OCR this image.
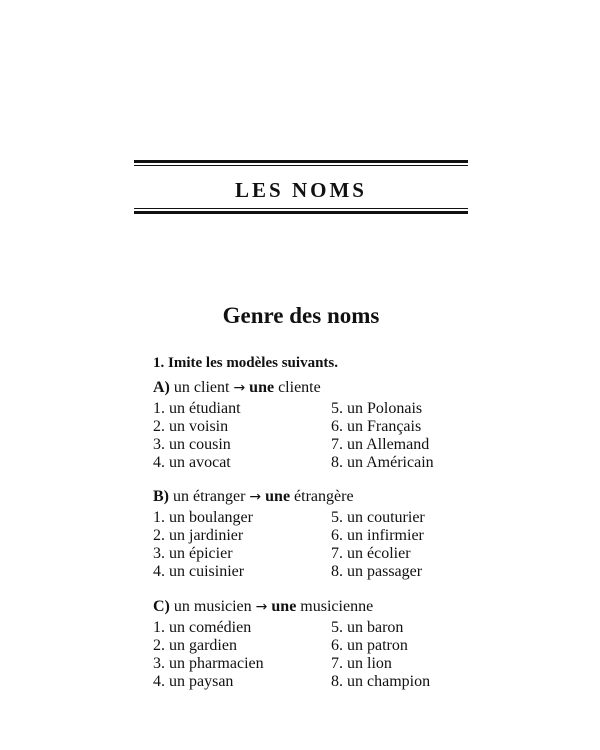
LES NOMS
Genre des noms
1. Imite les modèles suivants.
A) un client → une cliente
1. un étudiant
2. un voisin
3. un cousin
4. un avocat
5. un Polonais
6. un Français
7. un Allemand
8. un Américain
B) un étranger → une étrangère
1. un boulanger
2. un jardinier
3. un épicier
4. un cuisinier
5. un couturier
6. un infirmier
7. un écolier
8. un passager
C) un musicien → une musicienne
1. un comédien
2. un gardien
3. un pharmacien
4. un paysan
5. un baron
6. un patron
7. un lion
8. un champion
